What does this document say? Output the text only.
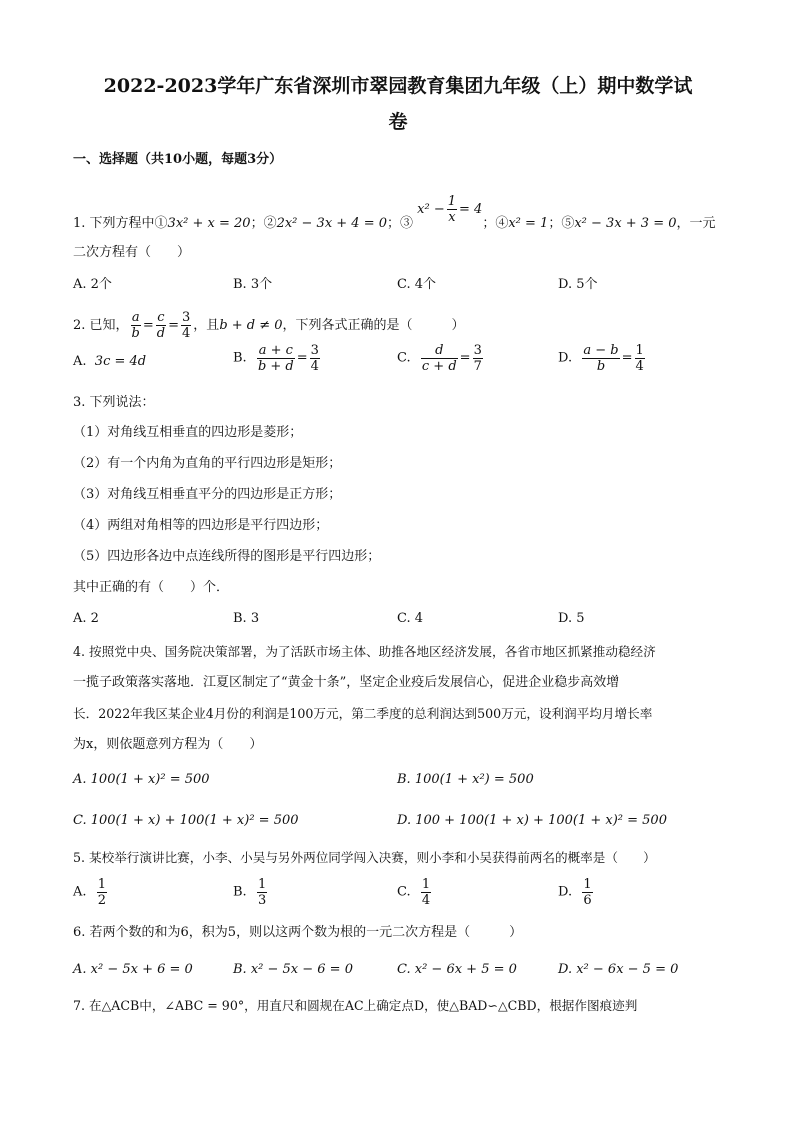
2022-2023学年广东省深圳市翠园教育集团九年级（上）期中数学试
卷
一、选择题（共10小题，每题3分）
1. 下列方程中①3x² + x = 20；②2x² − 3x + 4 = 0；③ $x^2 - \frac{1}{x} = 4$；④x² = 1；⑤x² − 3x + 3 = 0，一元
二次方程有（　　）
A. 2个	B. 3个	C. 4个	D. 5个
2. 已知， $\frac{a}{b} = \frac{c}{d} = \frac{3}{4}$ ，且b + d ≠ 0，下列各式正确的是（　　　）
A. 3c = 4d	B. $\frac{a + c}{b + d} = \frac{3}{4}$	C. $\frac{d}{c + d} = \frac{3}{7}$	D. $\frac{a - b}{b} = \frac{1}{4}$
3. 下列说法：
（1）对角线互相垂直的四边形是菱形；
（2）有一个内角为直角的平行四边形是矩形；
（3）对角线互相垂直平分的四边形是正方形；
（4）两组对角相等的四边形是平行四边形；
（5）四边形各边中点连线所得的图形是平行四边形；
其中正确的有（　　）个．
A. 2	B. 3	C. 4	D. 5
4. 按照党中央、国务院决策部署，为了活跃市场主体、助推各地区经济发展，各省市地区抓紧推动稳经济
一揽子政策落实落地．江夏区制定了“黄金十条”，坚定企业疫后发展信心，促进企业稳步高效增
长．2022年我区某企业4月份的利润是100万元，第二季度的总利润达到500万元，设利润平均月增长率
为x，则依题意列方程为（　　）
A. 100(1 + x)² = 500	B. 100(1 + x²) = 500
C. 100(1 + x) + 100(1 + x)² = 500	D. 100 + 100(1 + x) + 100(1 + x)² = 500
5. 某校举行演讲比赛，小李、小吴与另外两位同学闯入决赛，则小李和小吴获得前两名的概率是（　　）
A. $\frac{1}{2}$	B. $\frac{1}{3}$	C. $\frac{1}{4}$	D. $\frac{1}{6}$
6. 若两个数的和为6，积为5，则以这两个数为根的一元二次方程是（　　　）
A. x² − 5x + 6 = 0	B. x² − 5x − 6 = 0	C. x² − 6x + 5 = 0	D. x² − 6x − 5 = 0
7. 在△ACB中，∠ABC = 90°，用直尺和圆规在AC上确定点D，使△BAD∽△CBD，根据作图痕迹判
